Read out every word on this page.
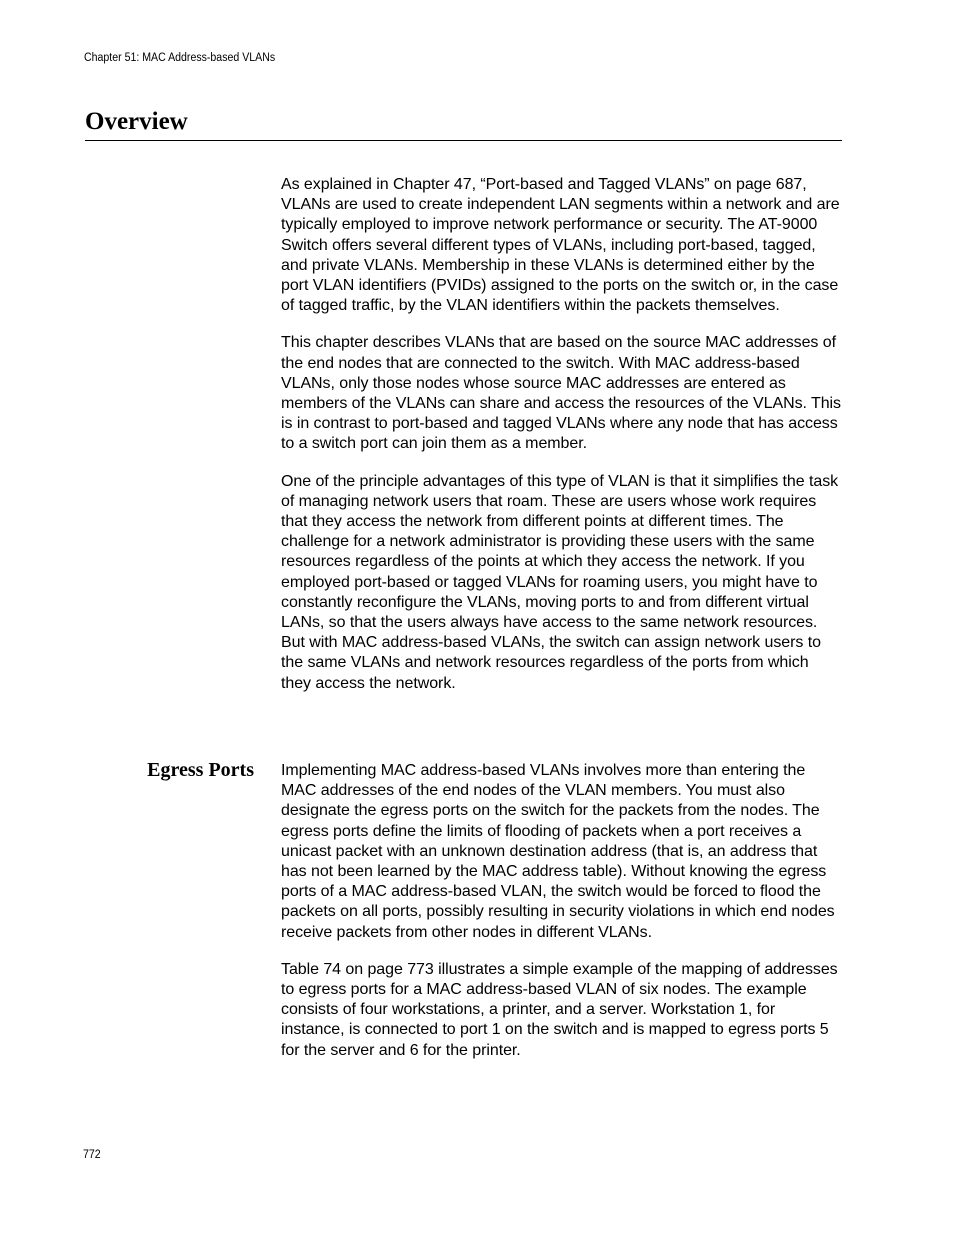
Chapter 51: MAC Address-based VLANs
Overview

As explained in Chapter 47, “Port-based and Tagged VLANs” on page 687, VLANs are used to create independent LAN segments within a network and are typically employed to improve network performance or security. The AT-9000 Switch offers several different types of VLANs, including port-based, tagged, and private VLANs. Membership in these VLANs is determined either by the port VLAN identifiers (PVIDs) assigned to the ports on the switch or, in the case of tagged traffic, by the VLAN identifiers within the packets themselves.

This chapter describes VLANs that are based on the source MAC addresses of the end nodes that are connected to the switch. With MAC address-based VLANs, only those nodes whose source MAC addresses are entered as members of the VLANs can share and access the resources of the VLANs. This is in contrast to port-based and tagged VLANs where any node that has access to a switch port can join them as a member.

One of the principle advantages of this type of VLAN is that it simplifies the task of managing network users that roam. These are users whose work requires that they access the network from different points at different times. The challenge for a network administrator is providing these users with the same resources regardless of the points at which they access the network. If you employed port-based or tagged VLANs for roaming users, you might have to constantly reconfigure the VLANs, moving ports to and from different virtual LANs, so that the users always have access to the same network resources. But with MAC address-based VLANs, the switch can assign network users to the same VLANs and network resources regardless of the ports from which they access the network.

Egress Ports Implementing MAC address-based VLANs involves more than entering the MAC addresses of the end nodes of the VLAN members. You must also designate the egress ports on the switch for the packets from the nodes. The egress ports define the limits of flooding of packets when a port receives a unicast packet with an unknown destination address (that is, an address that has not been learned by the MAC address table). Without knowing the egress ports of a MAC address-based VLAN, the switch would be forced to flood the packets on all ports, possibly resulting in security violations in which end nodes receive packets from other nodes in different VLANs.

Table 74 on page 773 illustrates a simple example of the mapping of addresses to egress ports for a MAC address-based VLAN of six nodes. The example consists of four workstations, a printer, and a server. Workstation 1, for instance, is connected to port 1 on the switch and is mapped to egress ports 5 for the server and 6 for the printer.

772
